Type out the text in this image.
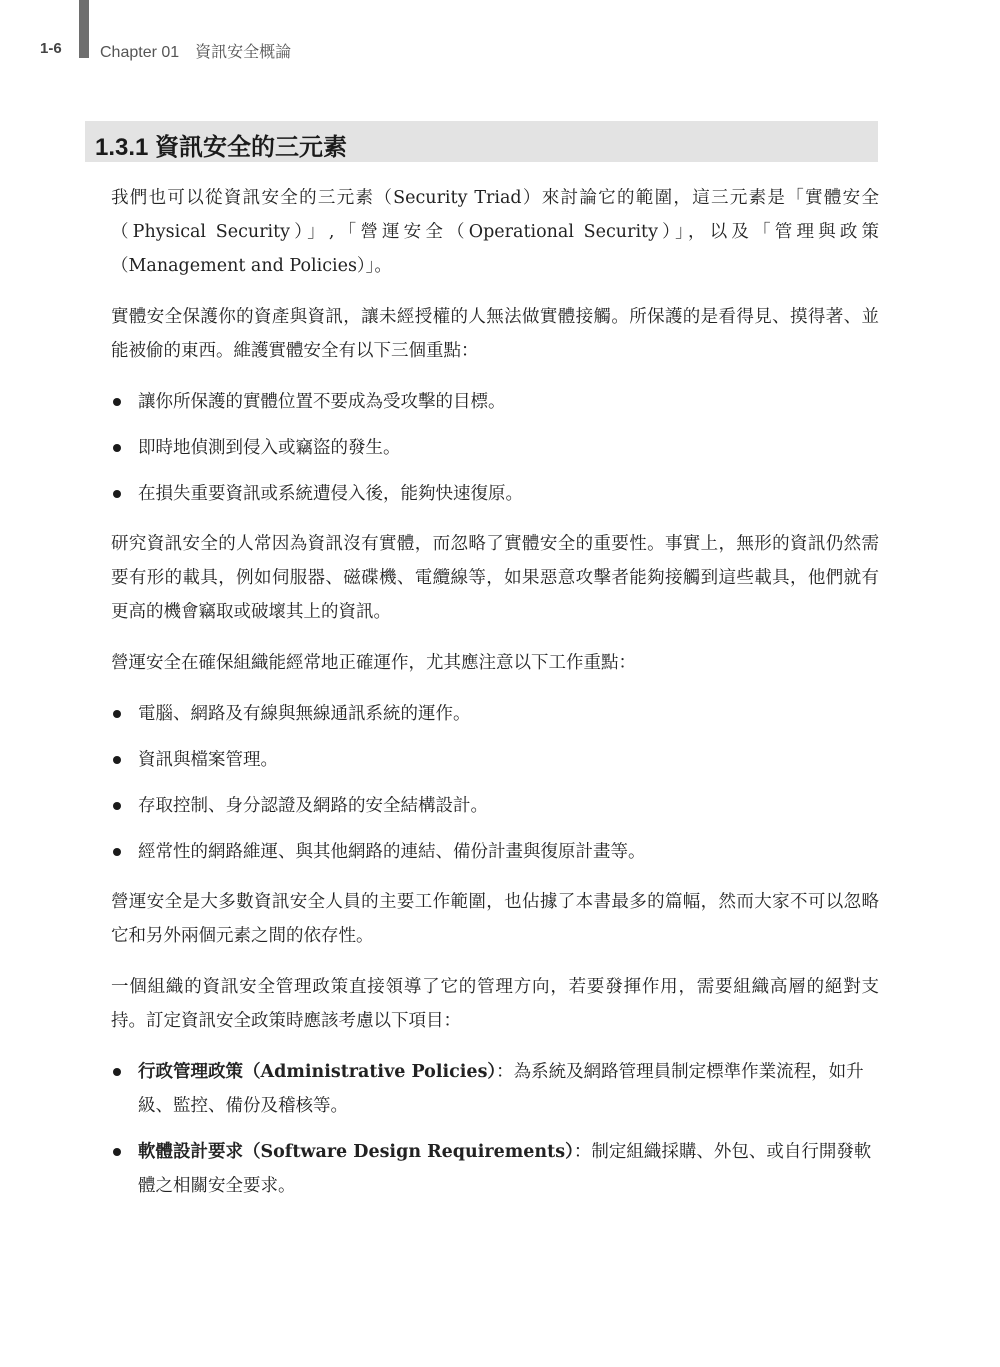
1-6 Chapter 01　資訊安全概論
1.3.1 資訊安全的三元素

我們也可以從資訊安全的三元素（Security Triad）來討論它的範圍，這三元素是「實體安全（Physical Security）」,「營運安全（Operational Security）」，以及「管理與政策（Management and Policies）」。

實體安全保護你的資產與資訊，讓未經授權的人無法做實體接觸。所保護的是看得見、摸得著、並能被偷的東西。維護實體安全有以下三個重點：

讓你所保護的實體位置不要成為受攻擊的目標。
即時地偵測到侵入或竊盜的發生。
在損失重要資訊或系統遭侵入後，能夠快速復原。

研究資訊安全的人常因為資訊沒有實體，而忽略了實體安全的重要性。事實上，無形的資訊仍然需要有形的載具，例如伺服器、磁碟機、電纜線等，如果惡意攻擊者能夠接觸到這些載具，他們就有更高的機會竊取或破壞其上的資訊。

營運安全在確保組織能經常地正確運作，尤其應注意以下工作重點：

電腦、網路及有線與無線通訊系統的運作。
資訊與檔案管理。
存取控制、身分認證及網路的安全結構設計。
經常性的網路維運、與其他網路的連結、備份計畫與復原計畫等。

營運安全是大多數資訊安全人員的主要工作範圍，也佔據了本書最多的篇幅，然而大家不可以忽略它和另外兩個元素之間的依存性。

一個組織的資訊安全管理政策直接領導了它的管理方向，若要發揮作用，需要組織高層的絕對支持。訂定資訊安全政策時應該考慮以下項目：

行政管理政策（Administrative Policies）：為系統及網路管理員制定標準作業流程，如升級、監控、備份及稽核等。
軟體設計要求（Software Design Requirements）：制定組織採購、外包、或自行開發軟體之相關安全要求。
